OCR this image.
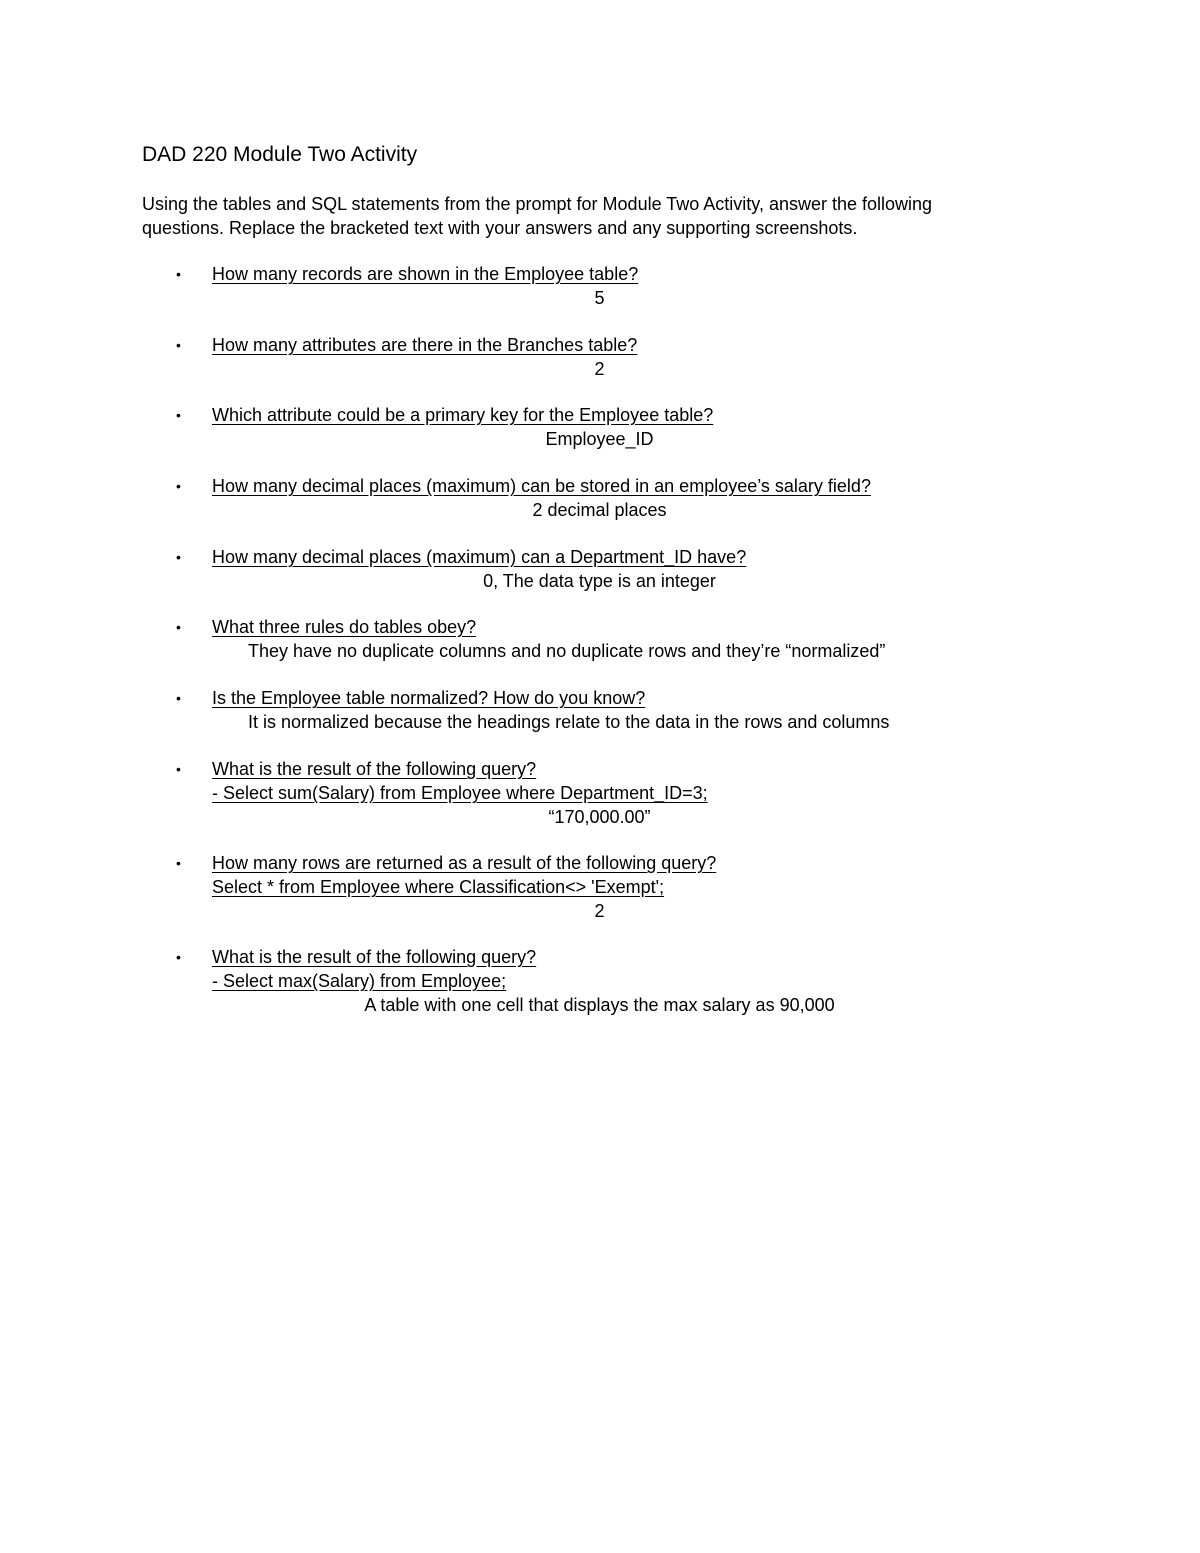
DAD 220 Module Two Activity
Using the tables and SQL statements from the prompt for Module Two Activity, answer the following
questions. Replace the bracketed text with your answers and any supporting screenshots.
• How many records are shown in the Employee table?
5
• How many attributes are there in the Branches table?
2
• Which attribute could be a primary key for the Employee table?
Employee_ID
• How many decimal places (maximum) can be stored in an employee’s salary field?
2 decimal places
• How many decimal places (maximum) can a Department_ID have?
0, The data type is an integer
• What three rules do tables obey?
They have no duplicate columns and no duplicate rows and they’re “normalized”
• Is the Employee table normalized? How do you know?
It is normalized because the headings relate to the data in the rows and columns
• What is the result of the following query?
- Select sum(Salary) from Employee where Department_ID=3;
“170,000.00”
• How many rows are returned as a result of the following query?
Select * from Employee where Classification<> 'Exempt';
2
• What is the result of the following query?
- Select max(Salary) from Employee;
A table with one cell that displays the max salary as 90,000
